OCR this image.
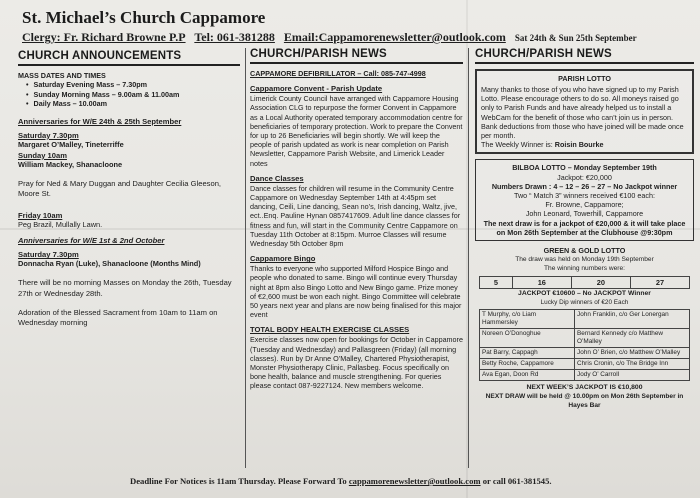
St. Michael’s Church Cappamore
Clergy: Fr. Richard Browne P.P Tel: 061-381288 Email:Cappamorenewsletter@outlook.com Sat 24th & Sun 25th September
CHURCH ANNOUNCEMENTS
MASS DATES AND TIMES
• Saturday Evening Mass – 7.30pm
• Sunday Morning Mass – 9.00am & 11.00am
• Daily Mass – 10.00am
Anniversaries for W/E 24th & 25th September
Saturday 7.30pm
Margaret O’Malley, Tineterriffe
Sunday 10am
William Mackey, Shanacloone
Pray for Ned & Mary Duggan and Daughter Cecilia Gleeson, Moore St.
Friday 10am
Peg Brazil, Mullally Lawn.
Anniversaries for W/E 1st & 2nd October
Saturday 7.30pm
Donnacha Ryan (Luke), Shanacloone (Months Mind)
There will be no morning Masses on Monday the 26th, Tuesday 27th or Wednesday 28th.
Adoration of the Blessed Sacrament from 10am to 11am on Wednesday morning
CHURCH/PARISH NEWS
CAPPAMORE DEFIBRILLATOR – Call: 085-747-4998
Cappamore Convent - Parish Update
Limerick County Council have arranged with Cappamore Housing Association CLG to repurpose the former Convent in Cappamore as a Local Authority operated temporary accommodation centre for beneficiaries of temporary protection. Work to prepare the Convent for up to 26 Beneficiaries will begin shortly. We will keep the people of parish updated as work is near completion on Parish Newsletter, Cappamore Parish Website, and Limerick Leader notes
Dance Classes
Dance classes for children will resume in the Community Centre Cappamore on Wednesday September 14th at 4:45pm set dancing, Ceili, Line dancing, Sean no’s, Irish dancing, Waltz, jive, ect..Enq. Pauline Hynan 0857417609. Adult line dance classes for fitness and fun, will start in the Community Centre Cappamore on Tuesday 11th October at 8:15pm. Murroe Classes will resume Wednesday 5th October 8pm
Cappamore Bingo
Thanks to everyone who supported Milford Hospice Bingo and people who donated to same. Bingo will continue every Thursday night at 8pm also Bingo Lotto and New Bingo game. Prize money of €2,600 must be won each night. Bingo Committee will celebrate 50 years next year and plans are now being finalised for this major event
TOTAL BODY HEALTH EXERCISE CLASSES
Exercise classes now open for bookings for October in Cappamore (Tuesday and Wednesday) and Pallasgreen (Friday) (all morning classes). Run by Dr Anne O’Malley, Chartered Physiotherapist, Monster Physiotherapy Clinic, Pallasbeg. Focus specifically on bone health, balance and muscle strengthening. For queries please contact 087-9227124. New members welcome.
CHURCH/PARISH NEWS
PARISH LOTTO
Many thanks to those of you who have signed up to my Parish Lotto. Please encourage others to do so. All moneys raised go only to Parish Funds and have already helped us to install a WebCam for the benefit of those who can’t join us in person. Bank deductions from those who have joined will be made once per month.
The Weekly Winner is: Roisin Bourke
BILBOA LOTTO – Monday September 19th
Jackpot: €20,000
Numbers Drawn : 4 – 12 – 26 – 27 – No Jackpot winner
Two “ Match 3” winners received €100 each:
Fr. Browne, Cappamore;
John Leonard, Towerhill, Cappamore
The next draw is for a jackpot of €20,000 & it will take place on Mon 26th September at the Clubhouse @9:30pm
GREEN & GOLD LOTTO
The draw was held on Monday 19th September
The winning numbers were:
5	16	20	27
JACKPOT €10600 – No JACKPOT Winner
Lucky Dip winners of €20 Each
T Murphy, c/o Liam Hammersley	John Franklin, c/o Ger Lonergan
Noreen O’Donoghue	Bernard Kennedy c/o Matthew O’Malley
Pat Barry, Cappagh	John O’ Brien, c/o Matthew O’Malley
Betty Roche, Cappamore	Chris Cronin, c/o The Bridge Inn
Ava Egan, Doon Rd	Jody O’ Carroll
NEXT WEEK’S JACKPOT IS €10,800
NEXT DRAW will be held @ 10.00pm on Mon 26th September in Hayes Bar
Deadline For Notices is 11am Thursday. Please Forward To cappamorenewsletter@outlook.com or call 061-381545.
